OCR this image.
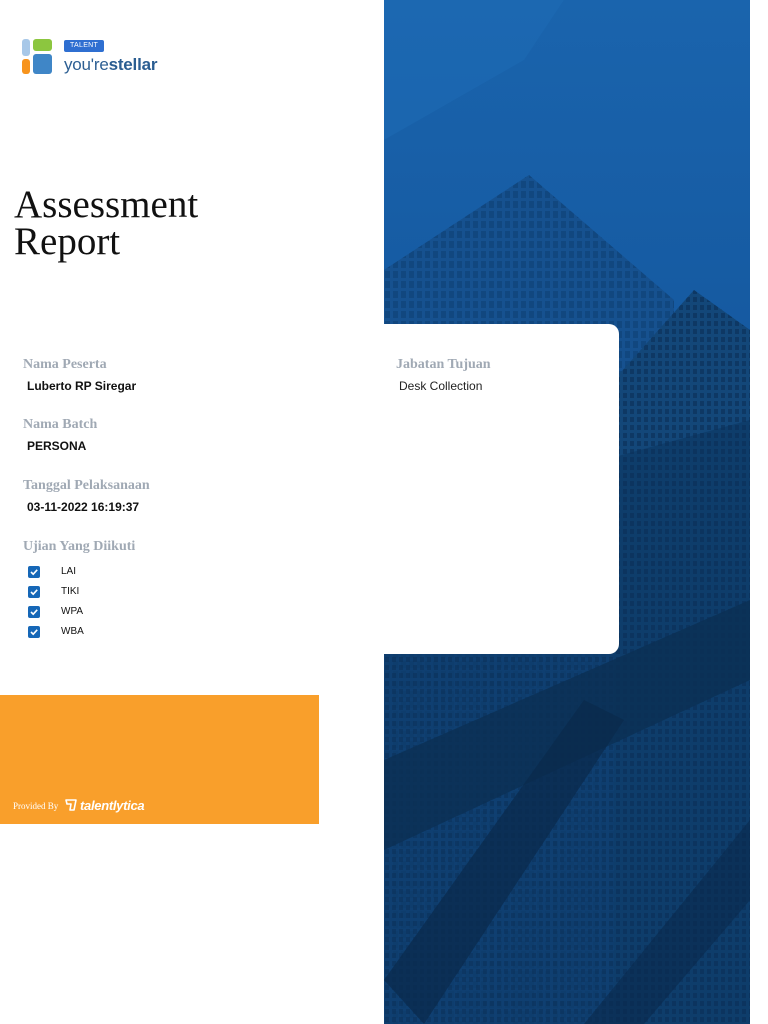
TALENT
you'restellar
Assessment Report
Nama Peserta
Luberto RP Siregar
Nama Batch
PERSONA
Tanggal Pelaksanaan
03-11-2022 16:19:37
Jabatan Tujuan
Desk Collection
Ujian Yang Diikuti
LAI
TIKI
WPA
WBA
Provided By talentlytica
